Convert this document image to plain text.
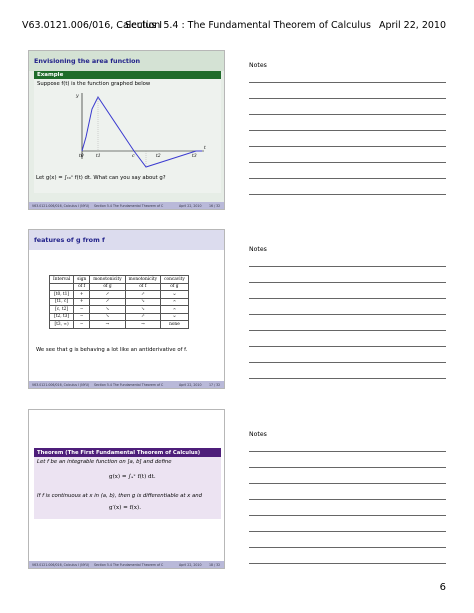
V63.0121.006/016, Calculus I
Section 5.4 : The Fundamental Theorem of Calculus April 22, 2010
Envisioning the area function
Example
Suppose f(t) is the function graphed below
y
t
t0	t1	c	t2	t3
Let g(x) = ∫ₜ₀ˣ f(t) dt. What can you say about g?
V63.0121.006/016, Calculus I (NYU) Section 5.4 The Fundamental Theorem of C	April 22, 2010 16 / 32
features of g from f
Interval	sign	monotonicity	monotonicity	concavity
	of f	of g	of f	of g
[t0, t1]	+	↗	↗	⌣
[t1, c]	+	↗	↘	⌢
[c, t2]	−	↘	↘	⌢
[t2, t3]	−	↘	↗	⌣
[t3, ∞)	−	→	→	none
We see that g is behaving a lot like an antiderivative of f.
V63.0121.006/016, Calculus I (NYU) Section 5.4 The Fundamental Theorem of C	April 22, 2010 17 / 32
Theorem (The First Fundamental Theorem of Calculus)
Let f be an integrable function on [a, b] and define
g(x) = ∫ₐˣ f(t) dt.
If f is continuous at x in (a, b), then g is differentiable at x and
g′(x) = f(x).
V63.0121.006/016, Calculus I (NYU) Section 5.4 The Fundamental Theorem of C	April 22, 2010 18 / 32
Notes
Notes
Notes
6
